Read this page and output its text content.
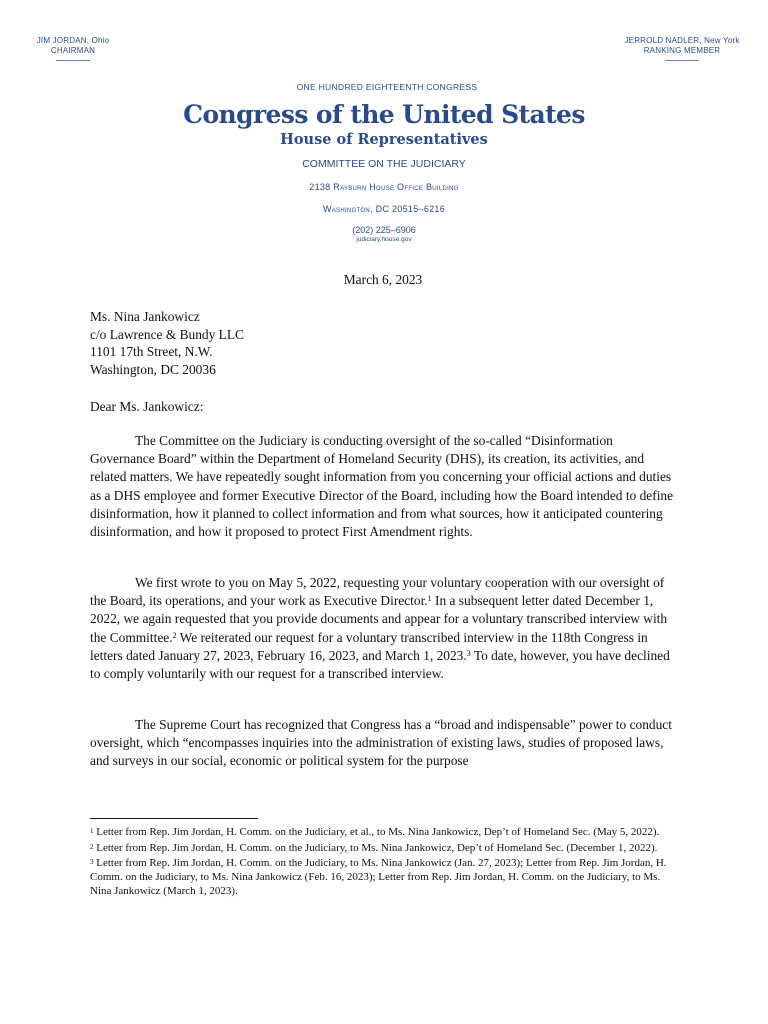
JIM JORDAN, Ohio
CHAIRMAN
JERROLD NADLER, New York
RANKING MEMBER
ONE HUNDRED EIGHTEENTH CONGRESS
Congress of the United States
House of Representatives
COMMITTEE ON THE JUDICIARY
2138 Rayburn House Office Building
Washington, DC 20515–6216
(202) 225–6906
judiciary.house.gov
March 6, 2023
Ms. Nina Jankowicz
c/o Lawrence & Bundy LLC
1101 17th Street, N.W.
Washington, DC 20036
Dear Ms. Jankowicz:

The Committee on the Judiciary is conducting oversight of the so-called “Disinformation Governance Board” within the Department of Homeland Security (DHS), its creation, its activities, and related matters. We have repeatedly sought information from you concerning your official actions and duties as a DHS employee and former Executive Director of the Board, including how the Board intended to define disinformation, how it planned to collect information and from what sources, how it anticipated countering disinformation, and how it proposed to protect First Amendment rights.

We first wrote to you on May 5, 2022, requesting your voluntary cooperation with our oversight of the Board, its operations, and your work as Executive Director.$^1$ In a subsequent letter dated December 1, 2022, we again requested that you provide documents and appear for a voluntary transcribed interview with the Committee.$^2$ We reiterated our request for a voluntary transcribed interview in the 118th Congress in letters dated January 27, 2023, February 16, 2023, and March 1, 2023.$^3$ To date, however, you have declined to comply voluntarily with our request for a transcribed interview.

The Supreme Court has recognized that Congress has a “broad and indispensable” power to conduct oversight, which “encompasses inquiries into the administration of existing laws, studies of proposed laws, and surveys in our social, economic or political system for the purpose

$^1$ Letter from Rep. Jim Jordan, H. Comm. on the Judiciary, et al., to Ms. Nina Jankowicz, Dep’t of Homeland Sec. (May 5, 2022).

$^2$ Letter from Rep. Jim Jordan, H. Comm. on the Judiciary, to Ms. Nina Jankowicz, Dep’t of Homeland Sec. (December 1, 2022).

$^3$ Letter from Rep. Jim Jordan, H. Comm. on the Judiciary, to Ms. Nina Jankowicz (Jan. 27, 2023); Letter from Rep. Jim Jordan, H. Comm. on the Judiciary, to Ms. Nina Jankowicz (Feb. 16, 2023); Letter from Rep. Jim Jordan, H. Comm. on the Judiciary, to Ms. Nina Jankowicz (March 1, 2023).
